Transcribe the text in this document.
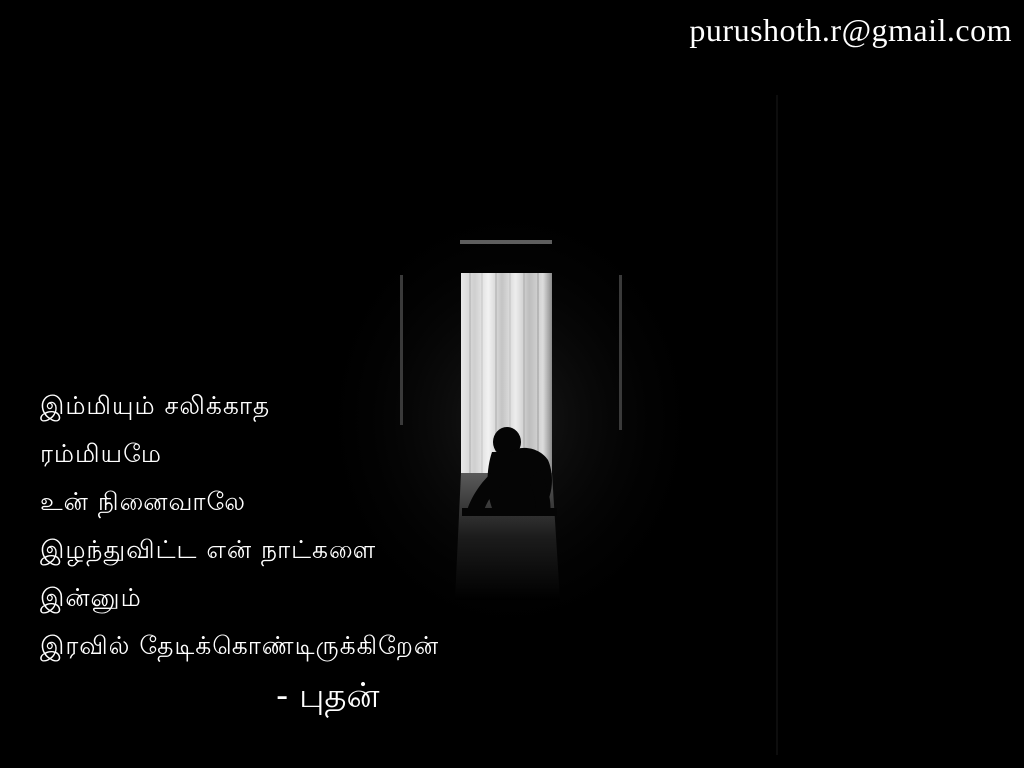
purushoth.r@gmail.com
இம்மியும் சலிக்காத
ரம்மியமே
உன் நினைவாலே
இழந்துவிட்ட என் நாட்களை
இன்னும்
இரவில் தேடிக்கொண்டிருக்கிறேன்
- புதன்
